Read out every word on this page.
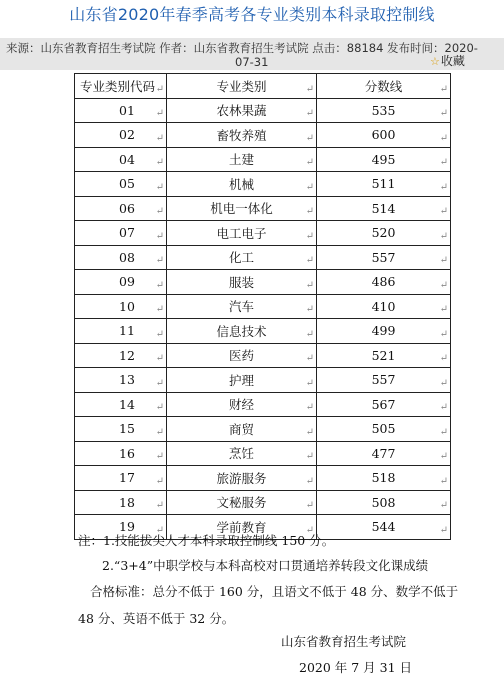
山东省2020年春季高考各专业类别本科录取控制线
来源：山东省教育招生考试院 作者：山东省教育招生考试院 点击：88184 发布时间：2020-
07-31	☆收藏
专业类别代码 ↵	专业类别 ↵	分数线 ↵

01 ↵	农林果蔬 ↵	535 ↵

02 ↵	畜牧养殖 ↵	600 ↵

04 ↵	土建 ↵	495 ↵

05 ↵	机械 ↵	511 ↵

06 ↵	机电一体化 ↵	514 ↵

07 ↵	电工电子 ↵	520 ↵

08 ↵	化工 ↵	557 ↵

09 ↵	服装 ↵	486 ↵

10 ↵	汽车 ↵	410 ↵

11 ↵	信息技术 ↵	499 ↵

12 ↵	医药 ↵	521 ↵

13 ↵	护理 ↵	557 ↵

14 ↵	财经 ↵	567 ↵

15 ↵	商贸 ↵	505 ↵

16 ↵	烹饪 ↵	477 ↵

17 ↵	旅游服务 ↵	518 ↵

18 ↵	文秘服务 ↵	508 ↵

19 ↵	学前教育 ↵	544 ↵
注：1.技能拔尖人才本科录取控制线 150 分。
2.“3+4”中职学校与本科高校对口贯通培养转段文化课成绩
合格标准：总分不低于 160 分，且语文不低于 48 分、数学不低于
48 分、英语不低于 32 分。
山东省教育招生考试院
2020 年 7 月 31 日
